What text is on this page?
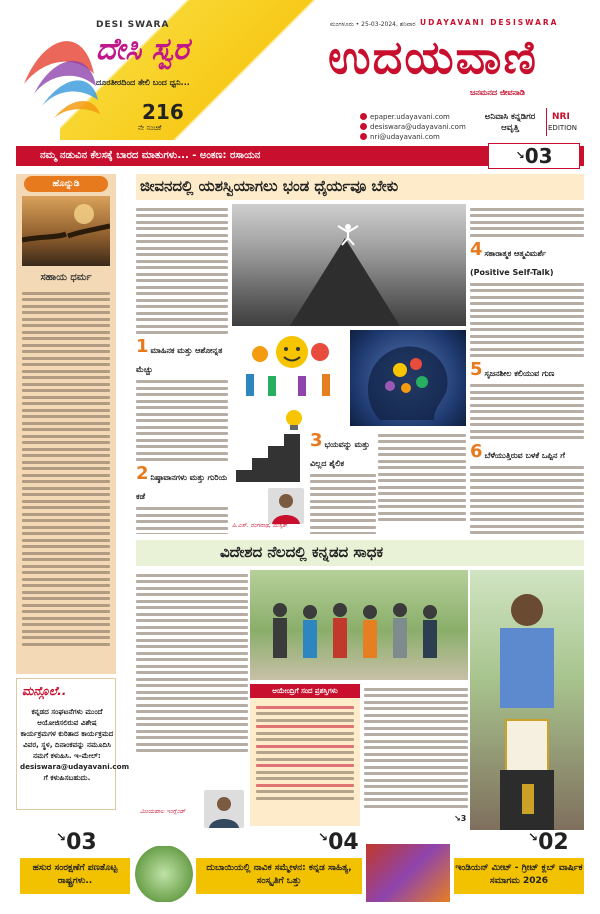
DESI SWARA
ದೇಸಿ ಸ್ವರ
ದೂರತೀರದಿಂದ ತೇಲಿ ಬಂದ ಧ್ವನಿ...
216
ನೇ ಸಂಚಿಕೆ
ಮಂಗಳೂರು • 25-03-2024, ಶನಿವಾರ UDAYAVANI DESISWARA
ಉದಯವಾಣಿ
ಜನಮನದ ಜೀವನಾಡಿ
epaper.udayavani.com
desiswara@udayavani.com
nri@udayavani.com
ಅನಿವಾಸಿ ಕನ್ನಡಿಗರ ಆವೃತ್ತಿ
NRI
EDITION
ನಮ್ಮ ನಡುವಿನ ಕೆಲಸಕ್ಕೆ ಬಾರದ ಮಾತುಗಳು... - ಅಂಕಣ: ರಸಾಯನ	↘03
ಹೊನ್ನುಡಿ
ಸಹಾಯ ಧರ್ಮ
ಮನ್ಗೊಲೆ..
ಕನ್ನಡದ ಸಂಘಟನೆಗಳು ಮುಂದೆ ಆಯೋಜಿಸಲಿರುವ ವಿಶೇಷ ಕಾರ್ಯಕ್ರಮಗಳ ಕುರಿತಾದ ಕಾರ್ಯಕ್ರಮದ ವಿವರ, ಸ್ಥಳ, ದಿನಾಂಕವನ್ನು ನಮೂದಿಸಿ ನಮಗೆ ಕಳುಹಿಸಿ. ಇ-ಮೇಲ್: desiswara@udayavani.com ಗೆ ಕಳುಹಿಸಬಹುದು.
ಜೀವನದಲ್ಲಿ ಯಶಸ್ವಿಯಾಗಲು ಭಂಡ ಧೈರ್ಯವೂ ಬೇಕು
1 ಮಾಹಿನಕ ಮತ್ತು ಆಶೋನ್ನತ ಮೆಚ್ಚು
2 ನಿಷ್ಠಾವಾನಗಳು ಮತ್ತು ಗುರಿಯ ಕಡೆ
4 ಸಕಾರಾತ್ಮಕ ಆತ್ಮವಿಮರ್ಶೆ (Positive Self-Talk)
5 ಸೃಜನಶೀಲ ಕಲಿಯುವ ಗುಣ
6 ಬೆಳೆಯುತ್ತಿರುವ ಬಳಕೆ ಒಪ್ಪಿನ ಗೆ
3 ಭಯವನ್ನು ಮತ್ತು ವಿಲ್ಲದ ಶೈಲಿಕ
ಪಿ.ಎಸ್. ರಂಗನಾಥ, ಮಸ್ಕತ್
ವಿದೇಶದ ನೆಲದಲ್ಲಿ ಕನ್ನಡದ ಸಾಧಕ
ಆಯೇಂದ್ರಿಗೆ ಸಂದ ಪ್ರಶಸ್ತಿಗಳು
ವಿಜಯಪಾಲ ಇಂಗ್ಲೆಂಡ್
↘3
↘03
ಹಸುರ ಸಂರಕ್ಷಣೆಗೆ ಪಣತೊಟ್ಟ ರಾಷ್ಟ್ರಗಳು..
↘04
ದುಬಾಯಿಯಲ್ಲಿ ನಾವಿಕ ಸಮ್ಮೇಳನ: ಕನ್ನಡ ಸಾಹಿತ್ಯ, ಸಂಸ್ಕೃತಿಗೆ ಒತ್ತು
↘02
ಇಂಡಿಯನ್ ಮೀಟ್ - ಗ್ರೀಟ್ ಕ್ಲಬ್ ವಾರ್ಷಿಕ ಸಮಾಗಮ 2026
